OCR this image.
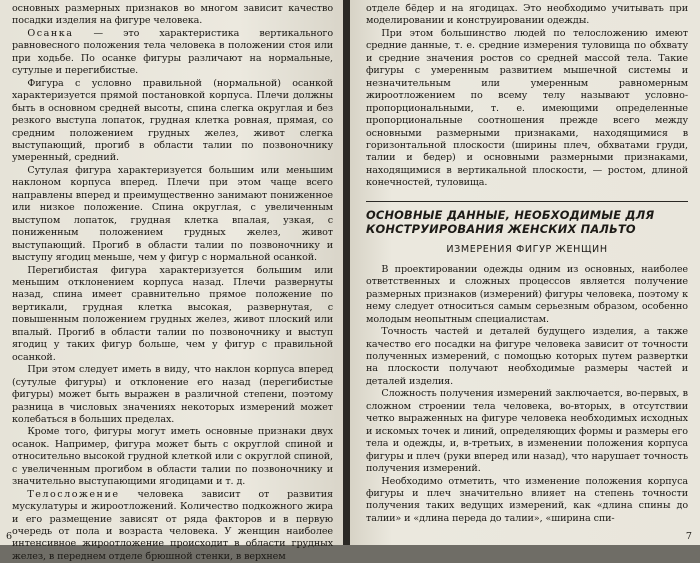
основных размерных признаков во многом зависит качество посадки изделия на фигуре человека.

Осанка — это характеристика вертикального равновесного положения тела человека в положении стоя или при ходьбе. По осанке фигуры различают на нормальные, сутулые и перегибистые.

Фигура с условно правильной (нормальной) осанкой характеризуется прямой постановкой корпуса. Плечи должны быть в основном средней высоты, спина слегка округлая и без резкого выступа лопаток, грудная клетка ровная, прямая, со средним положением грудных желез, живот слегка выступающий, прогиб в области талии по позвоночнику умеренный, средний.

Сутулая фигура характеризуется большим или меньшим наклоном корпуса вперед. Плечи при этом чаще всего направлены вперед и преимущественно занимают пониженное или низкое положение. Спина округлая, с увеличенным выступом лопаток, грудная клетка впалая, узкая, с пониженным положением грудных желез, живот выступающий. Прогиб в области талии по позвоночнику и выступу ягодиц меньше, чем у фигур с нормальной осанкой.

Перегибистая фигура характеризуется большим или меньшим отклонением корпуса назад. Плечи развернуты назад, спина имеет сравнительно прямое положение по вертикали, грудная клетка высокая, развернутая, с повышенным положением грудных желез, живот плоский или впалый. Прогиб в области талии по позвоночнику и выступ ягодиц у таких фигур больше, чем у фигур с правильной осанкой.

При этом следует иметь в виду, что наклон корпуса вперед (сутулые фигуры) и отклонение его назад (перегибистые фигуры) может быть выражен в различной степени, поэтому разница в числовых значениях некоторых измерений может колебаться в больших пределах.

Кроме того, фигуры могут иметь основные признаки двух осанок. Например, фигура может быть с округлой спиной и относительно высокой грудной клеткой или с округлой спиной, с увеличенным прогибом в области талии по позвоночнику и значительно выступающими ягодицами и т. д.

Телосложение человека зависит от развития мускулатуры и жироотложений. Количество подкожного жира и его размещение зависят от ряда факторов и в первую очередь от пола и возраста человека. У женщин наиболее интенсивное жироотложение происходит в области грудных желез, в переднем отделе брюшной стенки, в верхнем

6

отделе бёдер и на ягодицах. Это необходимо учитывать при моделировании и конструировании одежды.

При этом большинство людей по телосложению имеют средние данные, т. е. средние измерения туловища по обхвату и средние значения ростов со средней массой тела. Такие фигуры с умеренным развитием мышечной системы и незначительным или умеренным равномерным жироотложением по всему телу называют условно-пропорциональными, т. е. имеющими определенные пропорциональные соотношения прежде всего между основными размерными признаками, находящимися в горизонтальной плоскости (ширины плеч, обхватами груди, талии и бедер) и основными размерными признаками, находящимися в вертикальной плоскости, — ростом, длиной конечностей, туловища.

ОСНОВНЫЕ ДАННЫЕ, НЕОБХОДИМЫЕ ДЛЯ КОНСТРУИРОВАНИЯ ЖЕНСКИХ ПАЛЬТО
ИЗМЕРЕНИЯ ФИГУР ЖЕНЩИН

В проектировании одежды одним из основных, наиболее ответственных и сложных процессов является получение размерных признаков (измерений) фигуры человека, поэтому к нему следует относиться самым серьезным образом, особенно молодым неопытным специалистам.

Точность частей и деталей будущего изделия, а также качество его посадки на фигуре человека зависит от точности полученных измерений, с помощью которых путем развертки на плоскости получают необходимые размеры частей и деталей изделия.

Сложность получения измерений заключается, во-первых, в сложном строении тела человека, во-вторых, в отсутствии четко выраженных на фигуре человека необходимых исходных и искомых точек и линий, определяющих формы и размеры его тела и одежды, и, в-третьих, в изменении положения корпуса фигуры и плеч (руки вперед или назад), что нарушает точность получения измерений.

Необходимо отметить, что изменение положения корпуса фигуры и плеч значительно влияет на степень точности получения таких ведущих измерений, как «длина спины до талии» и «длина переда до талии», «ширина спи-

7
